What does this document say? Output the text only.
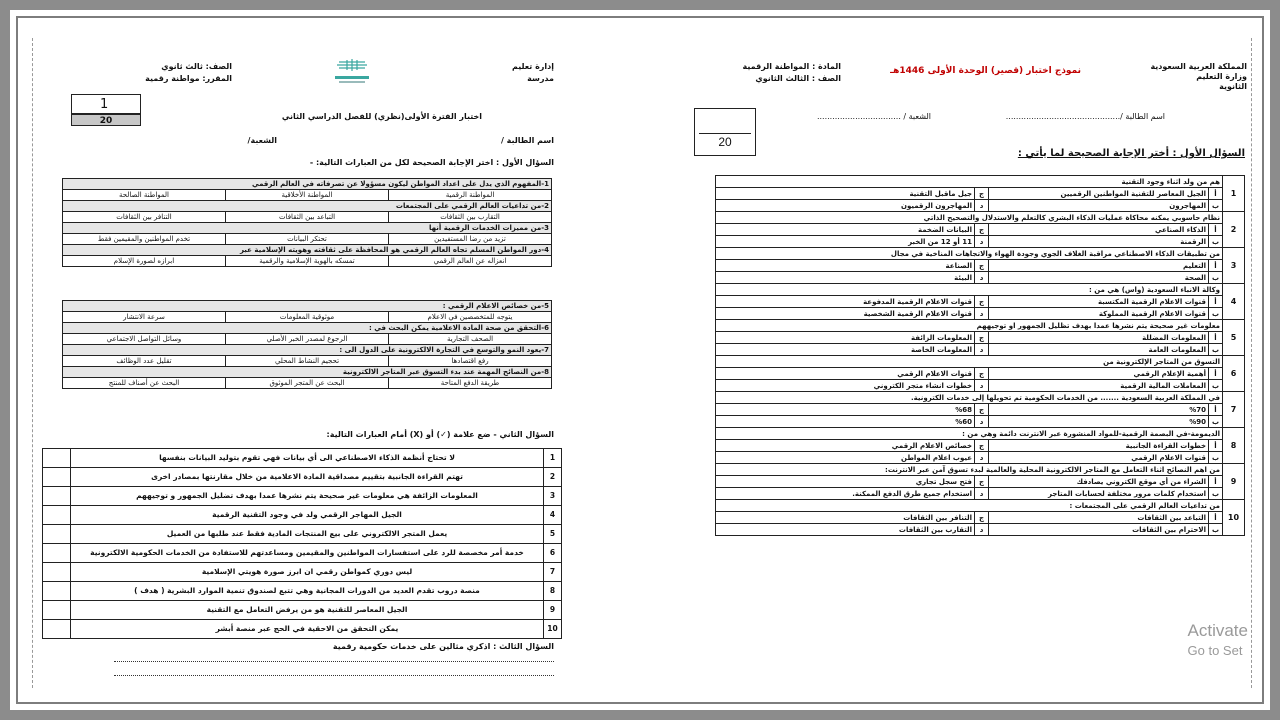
إدارة تعليم
مدرسة
الصف: ثالث ثانوي
المقرر: مواطنة رقمية
1
20	اختبار الفترة الأولى(نظري) للفصل الدراسي الثاني
اسم الطالبة /
الشعبة/
السؤال الأول : اختر الإجابة الصحيحة لكل من العبارات التالية: -
1-المفهوم الذي يدل على اعداد المواطن ليكون مسؤولا عن تصرفاته في العالم الرقمي		
المواطنة الرقمية	المواطنة الأخلاقية	المواطنة الصالحة
2-من تداعيات العالم الرقمي على المجتمعات		
التقارب بين الثقافات	التباعد بين الثقافات	التنافر بين الثقافات
3-من مميزات الخدمات الرقمية أنها		
تزيد من رضا المستفيدين	تحتكر البيانات	تخدم المواطنين والمقيمين فقط
4-دور المواطن المسلم تجاه العالم الرقمي هو المحافظة على ثقافته وهويته الإسلامية عبر		
انعزاله عن العالم الرقمي	تمسكه بالهوية الإسلامية والرقمية	ابرازه لصورة الإسلام
5-من خصائص الاعلام الرقمي :		
يتوجه للمتخصصين في الاعلام	موثوقية المعلومات	سرعة الانتشار
6-التحقق من صحة المادة الاعلامية يمكن البحث في :		
الصحف التجارية	الرجوع لمصدر الخبر الأصلي	وسائل التواصل الاجتماعي
7-يعود النمو والتوسع في التجارة الالكترونية على الدول الى :		
رفع اقتصادها	تحجيم النشاط المحلي	تقليل عدد الوظائف
8-من النصائح المهمة عند بدء التسوق عبر المتاجر الالكترونية		
طريقة الدفع المتاحة	البحث عن المتجر الموثوق	البحث عن أصناف للمنتج
السؤال الثاني - ضع علامة (✓) أو (X) أمام العبارات التالية:
1	لا تحتاج أنظمة الذكاء الاصطناعي الى أي بيانات فهي تقوم بتوليد البيانات بنفسها	
2	تهتم القراءة الجانبية بتقييم مصداقية المادة الاعلامية من خلال مقارنتها بمصادر اخرى	
3	المعلومات الزائفة هي معلومات غير صحيحة يتم نشرها عمدا بهدف تضليل الجمهور و توجيههم	
4	الجيل المهاجر الرقمي ولد في وجود التقنية الرقمية	
5	يعمل المتجر الالكتروني على بيع المنتجات المادية فقط عند طلبها من العميل	
6	خدمة أمر مخصصة للرد على استفسارات المواطنين والمقيمين ومساعدتهم للاستفادة من الخدمات الحكومية الالكترونية	
7	ليس دوري كمواطن رقمي ان ابرز صورة هويتي الإسلامية	
8	منصة دروب تقدم العديد من الدورات المجانية وهي تتبع لصندوق تنمية الموارد البشرية ( هدف )	
9	الجيل المعاصر للتقنية هو من يرفض التعامل مع التقنية	
10	يمكن التحقق من الاحقية في الحج عبر منصة أبشر	
السؤال الثالث : اذكري مثالين على خدمات حكومية رقمية
المملكة العربية السعودية
وزارة التعليم
الثانوية
نموذج اختبار (قصير) الوحدة الأولى 1446هـ
المادة : المواطنة الرقمية
الصف : الثالث الثانوي
اسم الطالبة /.............................................
الشعبة / .................................
20
السؤال الأول : أختر الإجابة الصحيحة لما يأتي :
1	هم من ولد اثناء وجود التقنية			
	أ	الجيل المعاصر للتقنية المواطنين الرقميين	ج	جيل ماقبل التقنية
	ب	المهاجرون	د	المهاجرون الرقميون
2	نظام حاسوبي يمكنه محاكاة عمليات الذكاء البشري كالتعلم والاستدلال والتصحيح الذاتي			
	أ	الذكاء الصناعي	ج	البيانات الضخمة
	ب	الرقمنة	د	11 أو 12 من الخبر
3	من تطبيقات الذكاء الاصطناعي مراقبة الغلاف الجوي وجودة الهواء والاتجاهات المناخية في مجال			
	أ	التعليم	ج	الصناعة
	ب	الصحة	د	البيئة
4	وكالة الانباء السعودية (واس) هي من :			
	أ	قنوات الاعلام الرقمية المكتسبة	ج	قنوات الاعلام الرقمية المدفوعة
	ب	قنوات الاعلام الرقمية المملوكة	د	قنوات الاعلام الرقمية الشخصية
5	معلومات غير صحيحة يتم نشرها عمدا بهدف تظليل الجمهور او توجيههم			
	أ	المعلومات المضللة	ج	المعلومات الزائفة
	ب	المعلومات العامة	د	المعلومات الخاصة
6	التسوق من المتاجر الإلكترونية من			
	أ	أهمية الإعلام الرقمي	ج	قنوات الاعلام الرقمي
	ب	المعاملات المالية الرقمية	د	خطوات انشاء متجر الكتروني
7	في المملكة العربية السعودية ....... من الخدمات الحكومية تم تحويلها إلى خدمات الكترونية.			
	أ	%70	ج	%68
	ب	%90	د	%60
8	الديمومة-في البصمة الرقمية-للمواد المنشورة عبر الانترنت دائمة وهي من :			
	أ	خطوات القراءة الجانبية	ج	خصائص الاعلام الرقمي
	ب	قنوات الاعلام الرقمي	د	عيوب اعلام المواطن
9	من اهم النصائح اثناء التعامل مع المتاجر الالكترونية المحلية والعالمية لبدء تسوق آمن عبر الانترنت:			
	أ	الشراء من أي موقع الكتروني يصادفك	ج	فتح سجل تجاري
	ب	استخدام كلمات مرور مختلفة لحسابات المتاجر	د	استخدام جميع طرق الدفع الممكنة.
10	من تداعيات العالم الرقمي على المجتمعات :			
	أ	التباعد بين الثقافات	ج	التنافر بين الثقافات
	ب	الاحترام بين الثقافات	د	التقارب بين الثقافات
Activate
Go to Set
